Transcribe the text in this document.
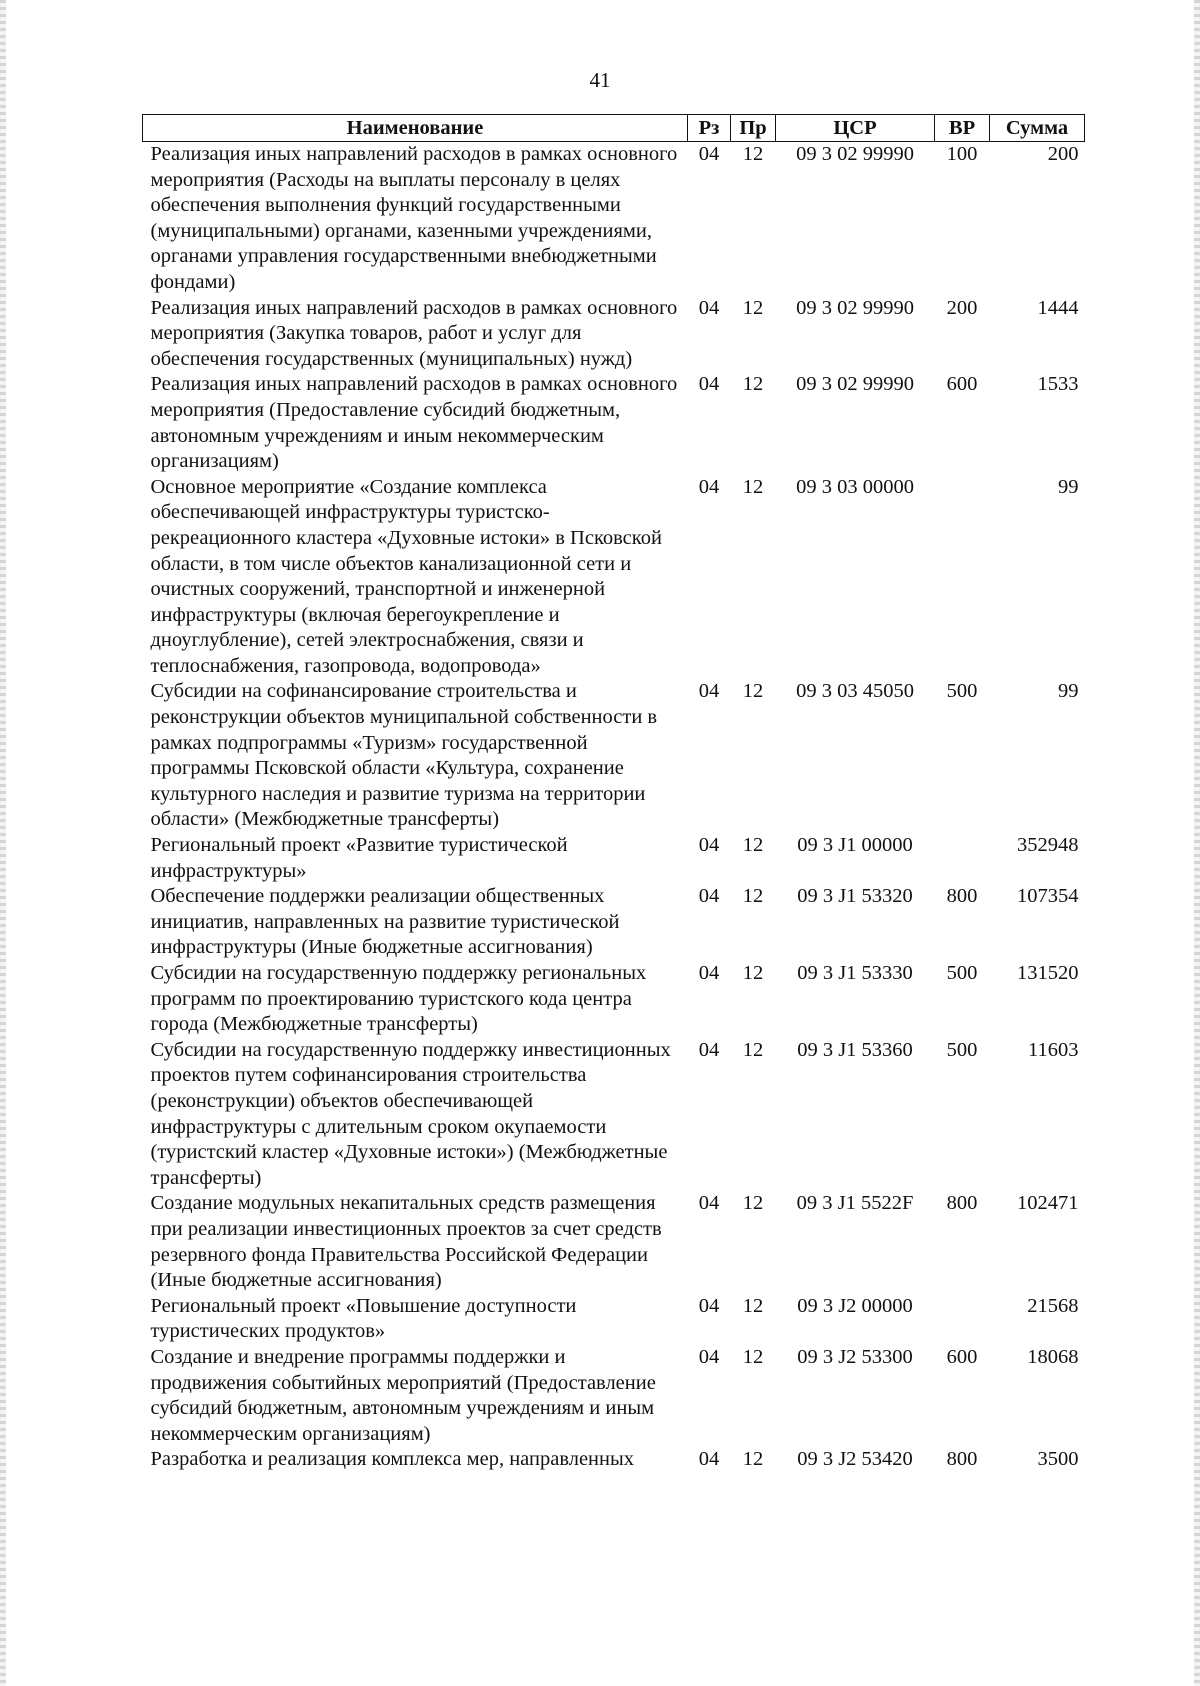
41
Наименование	Рз	Пр	ЦСР	ВР	Сумма
Реализация иных направлений расходов в рамках основного мероприятия (Расходы на выплаты персоналу в целях обеспечения выполнения функций государственными (муниципальными) органами, казенными учреждениями, органами управления государственными внебюджетными фондами)	04	12	09 3 02 99990	100	200
Реализация иных направлений расходов в рамках основного мероприятия (Закупка товаров, работ и услуг для обеспечения государственных (муниципальных) нужд)	04	12	09 3 02 99990	200	1444
Реализация иных направлений расходов в рамках основного мероприятия (Предоставление субсидий бюджетным, автономным учреждениям и иным некоммерческим организациям)	04	12	09 3 02 99990	600	1533
Основное мероприятие «Создание комплекса обеспечивающей инфраструктуры туристско-рекреационного кластера «Духовные истоки» в Псковской области, в том числе объектов канализационной сети и очистных сооружений, транспортной и инженерной инфраструктуры (включая берегоукрепление и дноуглубление), сетей электроснабжения, связи и теплоснабжения, газопровода, водопровода»	04	12	09 3 03 00000		99
Субсидии на софинансирование строительства и реконструкции объектов муниципальной собственности в рамках подпрограммы «Туризм» государственной программы Псковской области «Культура, сохранение культурного наследия и развитие туризма на территории области» (Межбюджетные трансферты)	04	12	09 3 03 45050	500	99
Региональный проект «Развитие туристической инфраструктуры»	04	12	09 3 J1 00000		352948
Обеспечение поддержки реализации общественных инициатив, направленных на развитие туристической инфраструктуры (Иные бюджетные ассигнования)	04	12	09 3 J1 53320	800	107354
Субсидии на государственную поддержку региональных программ по проектированию туристского кода центра города (Межбюджетные трансферты)	04	12	09 3 J1 53330	500	131520
Субсидии на государственную поддержку инвестиционных проектов путем софинансирования строительства (реконструкции) объектов обеспечивающей инфраструктуры с длительным сроком окупаемости (туристский кластер «Духовные истоки») (Межбюджетные трансферты)	04	12	09 3 J1 53360	500	11603
Создание модульных некапитальных средств размещения при реализации инвестиционных проектов за счет средств резервного фонда Правительства Российской Федерации (Иные бюджетные ассигнования)	04	12	09 3 J1 5522F	800	102471
Региональный проект «Повышение доступности туристических продуктов»	04	12	09 3 J2 00000		21568
Создание и внедрение программы поддержки и продвижения событийных мероприятий (Предоставление субсидий бюджетным, автономным учреждениям и иным некоммерческим организациям)	04	12	09 3 J2 53300	600	18068
Разработка и реализация комплекса мер, направленных	04	12	09 3 J2 53420	800	3500
